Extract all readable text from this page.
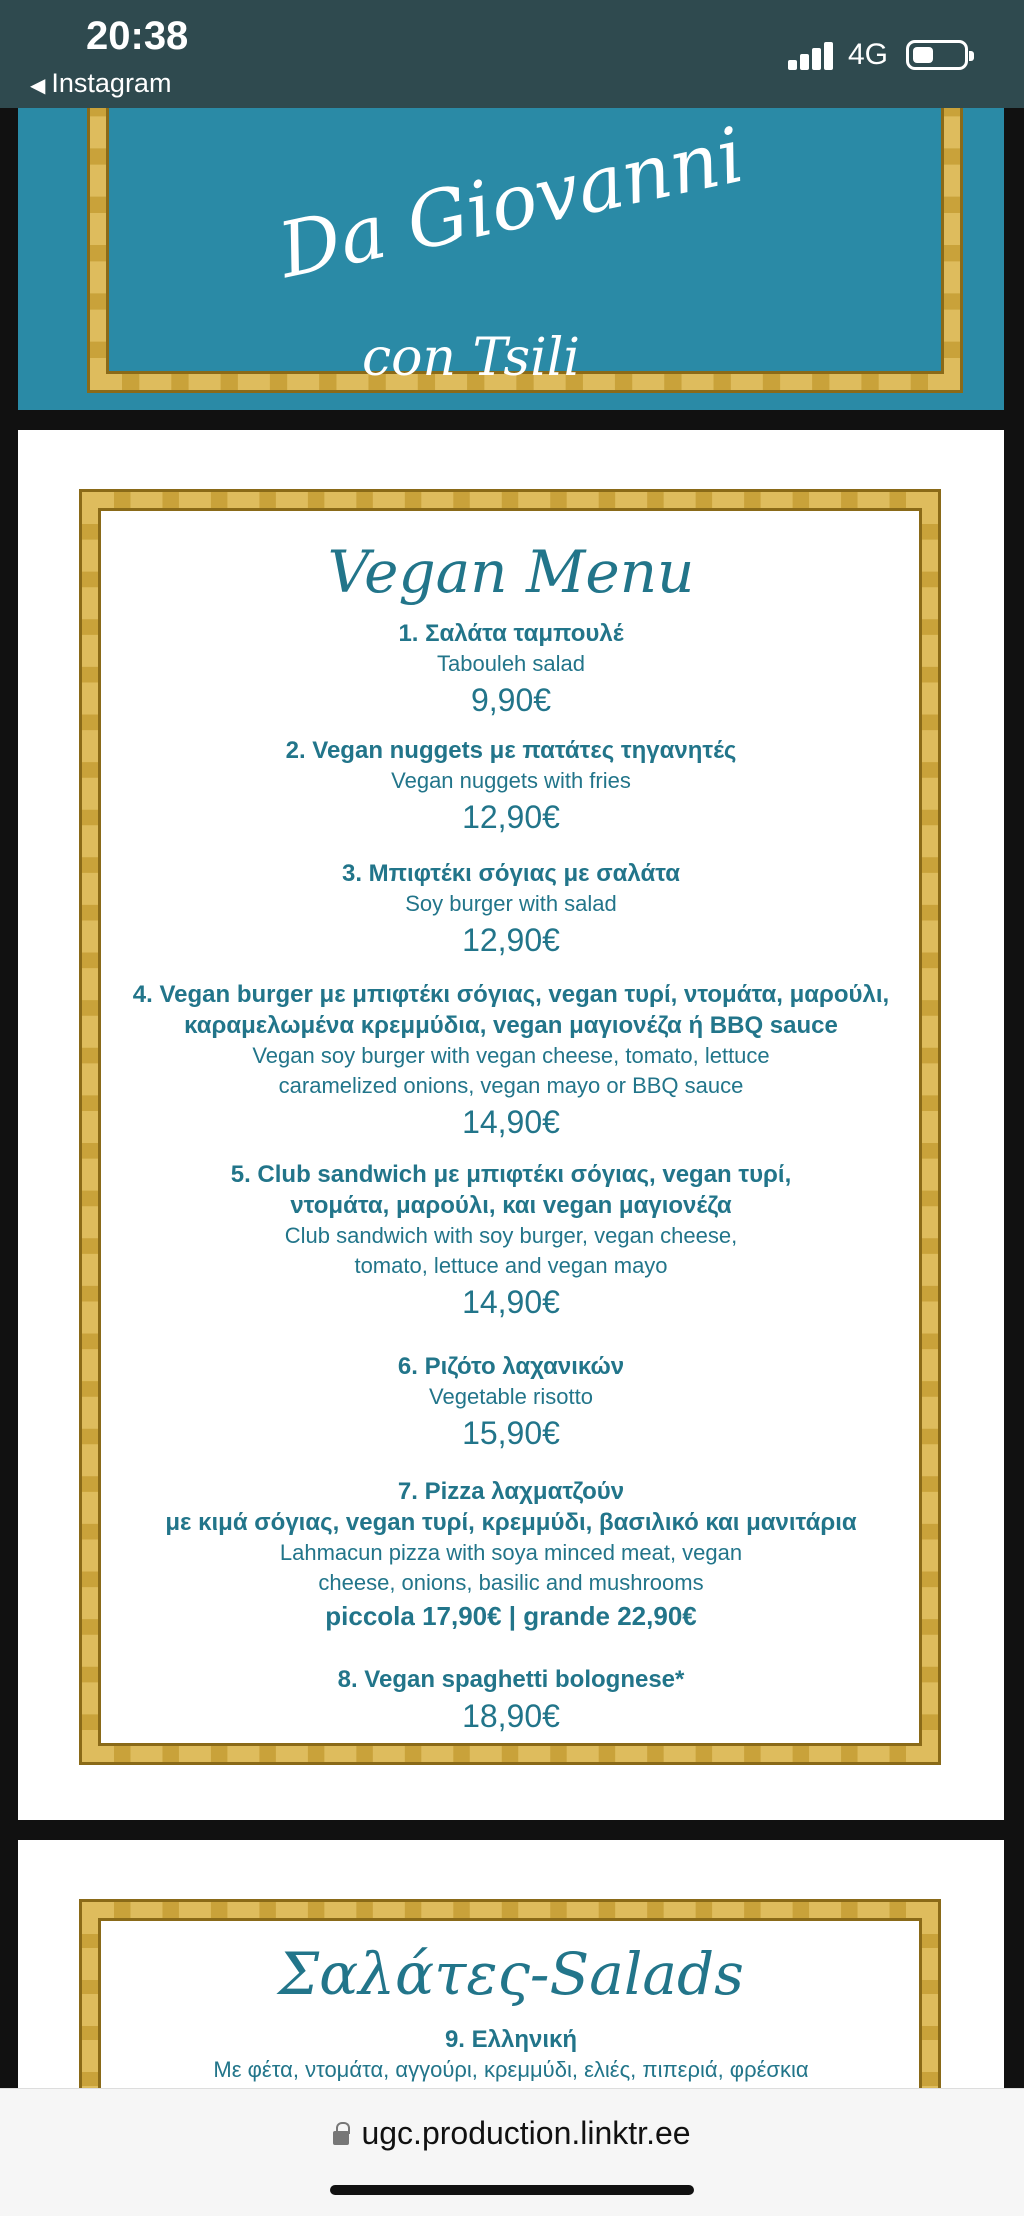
20:38
◀ Instagram
4G
Da Giovanni
con Tsili
Vegan Menu
1. Σαλάτα ταμπουλέ
Tabouleh salad
9,90€
2. Vegan nuggets με πατάτες τηγανητές
Vegan nuggets with fries
12,90€
3. Μπιφτέκι σόγιας με σαλάτα
Soy burger with salad
12,90€
4. Vegan burger με μπιφτέκι σόγιας, vegan τυρί, ντομάτα, μαρούλι,
καραμελωμένα κρεμμύδια, vegan μαγιονέζα ή BBQ sauce
Vegan soy burger with vegan cheese, tomato, lettuce
caramelized onions, vegan mayo or BBQ sauce
14,90€
5. Club sandwich με μπιφτέκι σόγιας, vegan τυρί,
ντομάτα, μαρούλι, και vegan μαγιονέζα
Club sandwich with soy burger, vegan cheese,
tomato, lettuce and vegan mayo
14,90€
6. Ριζότο λαχανικών
Vegetable risotto
15,90€
7. Pizza λαχματζούν
με κιμά σόγιας, vegan τυρί, κρεμμύδι, βασιλικό και μανιτάρια
Lahmacun pizza with soya minced meat, vegan
cheese, onions, basilic and mushrooms
piccola 17,90€ | grande 22,90€
8. Vegan spaghetti bolognese*
18,90€
Σαλάτες-Salads
9. Ελληνική
Με φέτα, ντομάτα, αγγούρι, κρεμμύδι, ελιές, πιπεριά, φρέσκια
ugc.production.linktr.ee
